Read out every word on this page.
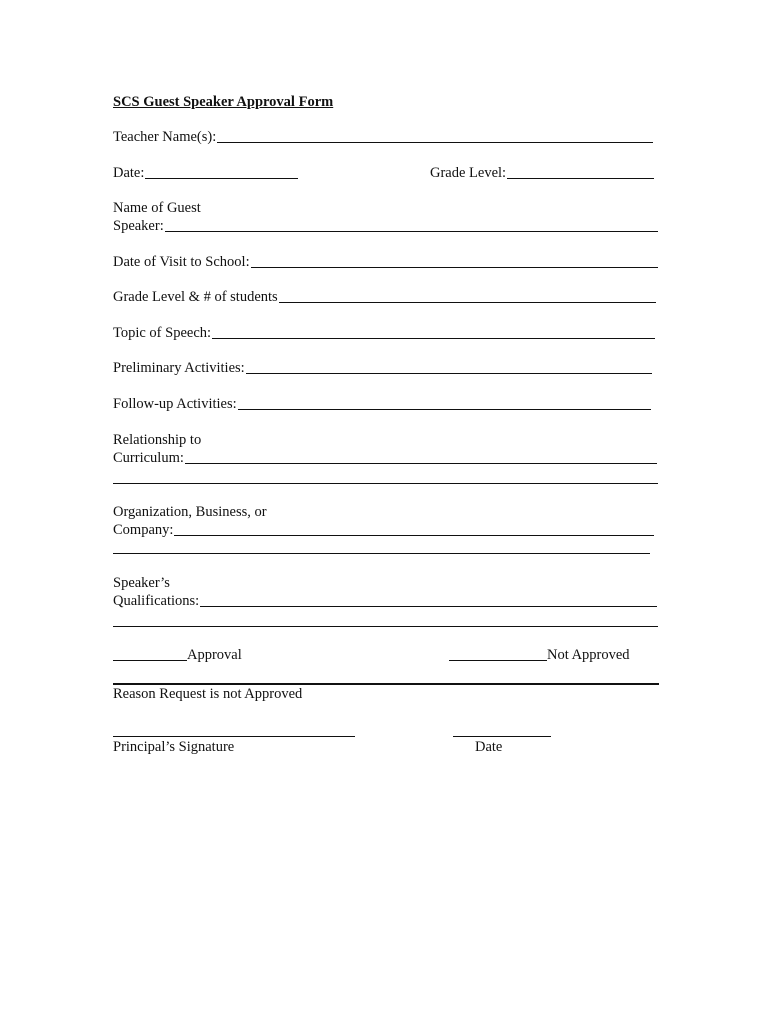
SCS Guest Speaker Approval Form
Teacher Name(s):
Date:	Grade Level:
Name of Guest
Speaker:
Date of Visit to School:
Grade Level & # of students
Topic of Speech:
Preliminary Activities:
Follow-up Activities:
Relationship to
Curriculum:
Organization, Business, or
Company:
Speaker’s
Qualifications:
Approval	Not Approved
Reason Request is not Approved
Principal’s Signature	Date
